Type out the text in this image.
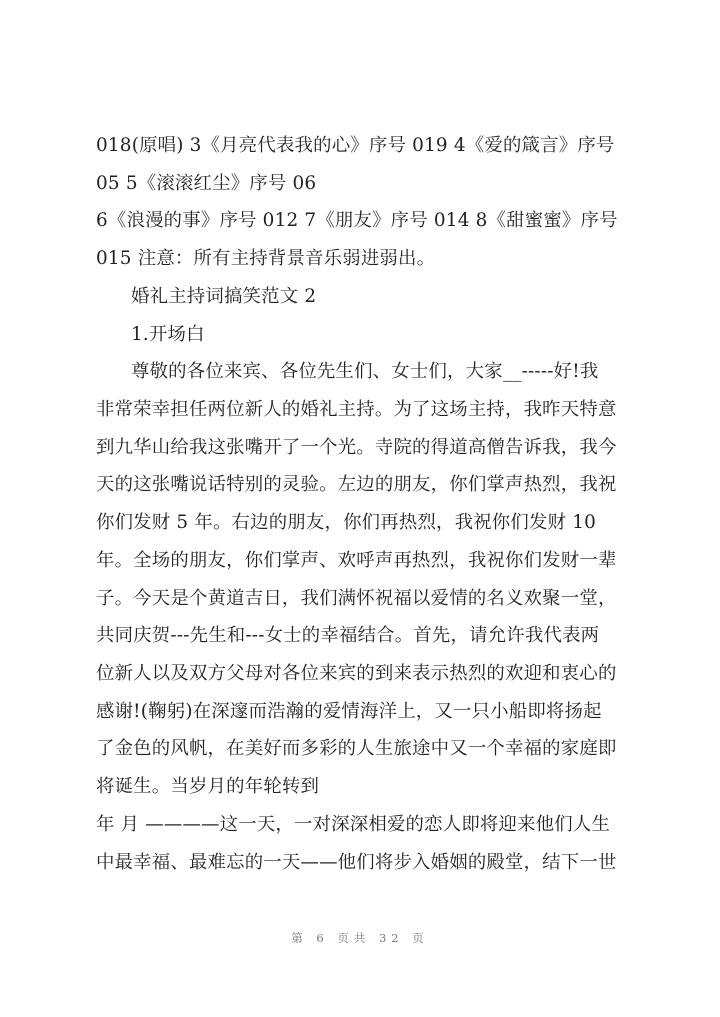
018(原唱) 3《月亮代表我的心》序号 019 4《爱的箴言》序号
05 5《滚滚红尘》序号 06
6《浪漫的事》序号 012 7《朋友》序号 014 8《甜蜜蜜》序号
015 注意：所有主持背景音乐弱进弱出。
婚礼主持词搞笑范文 2
1.开场白
尊敬的各位来宾、各位先生们、女士们，大家__-----好!我
非常荣幸担任两位新人的婚礼主持。为了这场主持，我昨天特意
到九华山给我这张嘴开了一个光。寺院的得道高僧告诉我，我今
天的这张嘴说话特别的灵验。左边的朋友，你们掌声热烈，我祝
你们发财 5 年。右边的朋友，你们再热烈，我祝你们发财 10
年。全场的朋友，你们掌声、欢呼声再热烈，我祝你们发财一辈
子。今天是个黄道吉日，我们满怀祝福以爱情的名义欢聚一堂，
共同庆贺---先生和---女士的幸福结合。首先，请允许我代表两
位新人以及双方父母对各位来宾的到来表示热烈的欢迎和衷心的
感谢!(鞠躬)在深邃而浩瀚的爱情海洋上，又一只小船即将扬起
了金色的风帆，在美好而多彩的人生旅途中又一个幸福的家庭即
将诞生。当岁月的年轮转到
年 月 ————这一天，一对深深相爱的恋人即将迎来他们人生
中最幸福、最难忘的一天——他们将步入婚姻的殿堂，结下一世
第 6 页共 32 页
